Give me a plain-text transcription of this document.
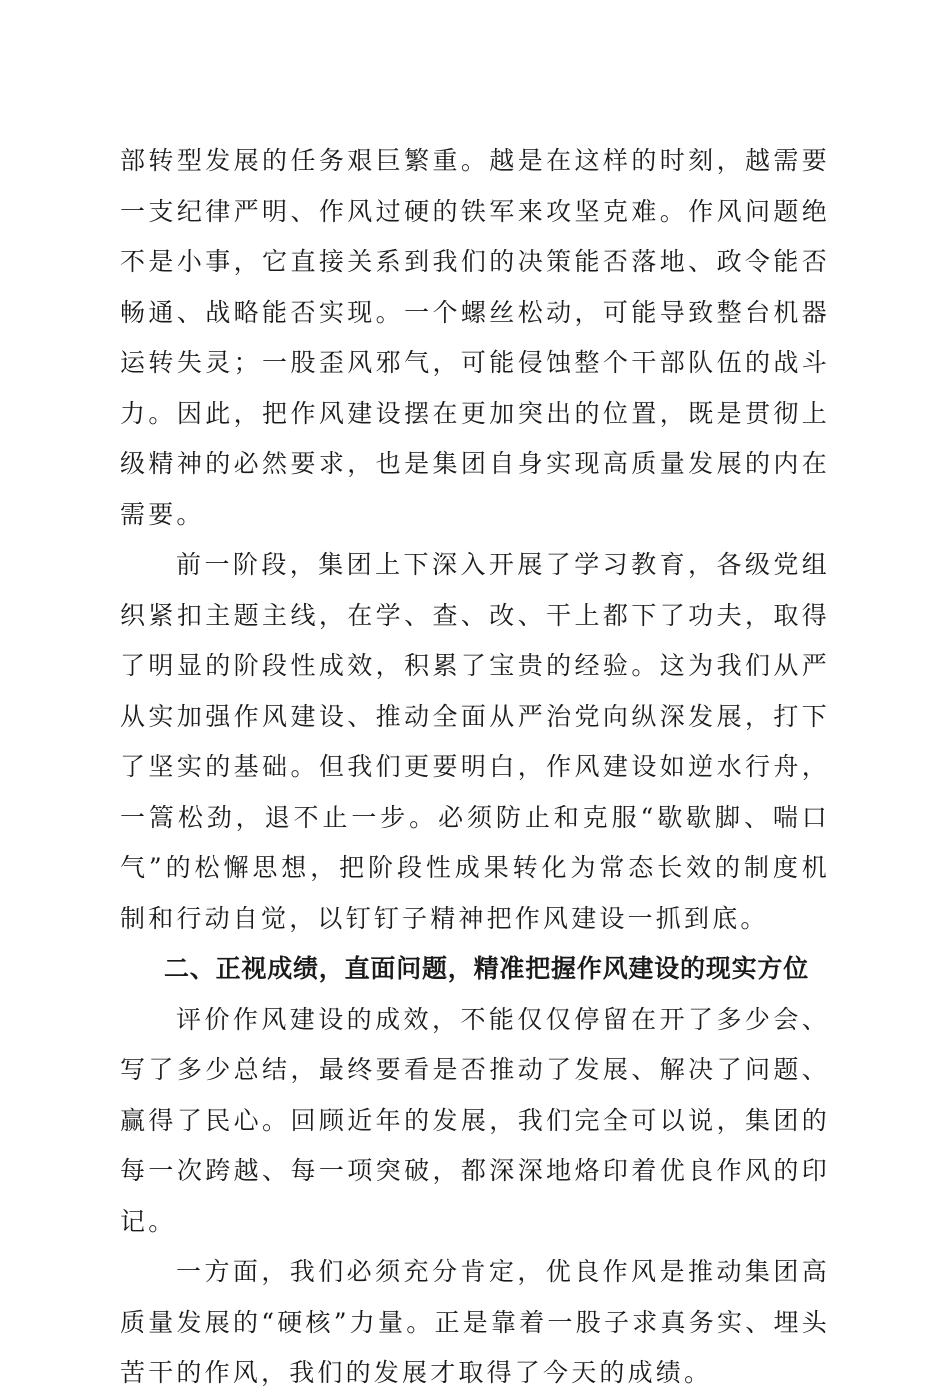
部转型发展的任务艰巨繁重。越是在这样的时刻，越需要一支纪律严明、作风过硬的铁军来攻坚克难。作风问题绝不是小事，它直接关系到我们的决策能否落地、政令能否畅通、战略能否实现。一个螺丝松动，可能导致整台机器运转失灵；一股歪风邪气，可能侵蚀整个干部队伍的战斗力。因此，把作风建设摆在更加突出的位置，既是贯彻上级精神的必然要求，也是集团自身实现高质量发展的内在需要。

前一阶段，集团上下深入开展了学习教育，各级党组织紧扣主题主线，在学、查、改、干上都下了功夫，取得了明显的阶段性成效，积累了宝贵的经验。这为我们从严从实加强作风建设、推动全面从严治党向纵深发展，打下了坚实的基础。但我们更要明白，作风建设如逆水行舟，一篙松劲，退不止一步。必须防止和克服“歇歇脚、喘口气”的松懈思想，把阶段性成果转化为常态长效的制度机制和行动自觉，以钉钉子精神把作风建设一抓到底。

二、正视成绩，直面问题，精准把握作风建设的现实方位

评价作风建设的成效，不能仅仅停留在开了多少会、写了多少总结，最终要看是否推动了发展、解决了问题、赢得了民心。回顾近年的发展，我们完全可以说，集团的每一次跨越、每一项突破，都深深地烙印着优良作风的印记。

一方面，我们必须充分肯定，优良作风是推动集团高质量发展的“硬核”力量。正是靠着一股子求真务实、埋头苦干的作风，我们的发展才取得了今天的成绩。
